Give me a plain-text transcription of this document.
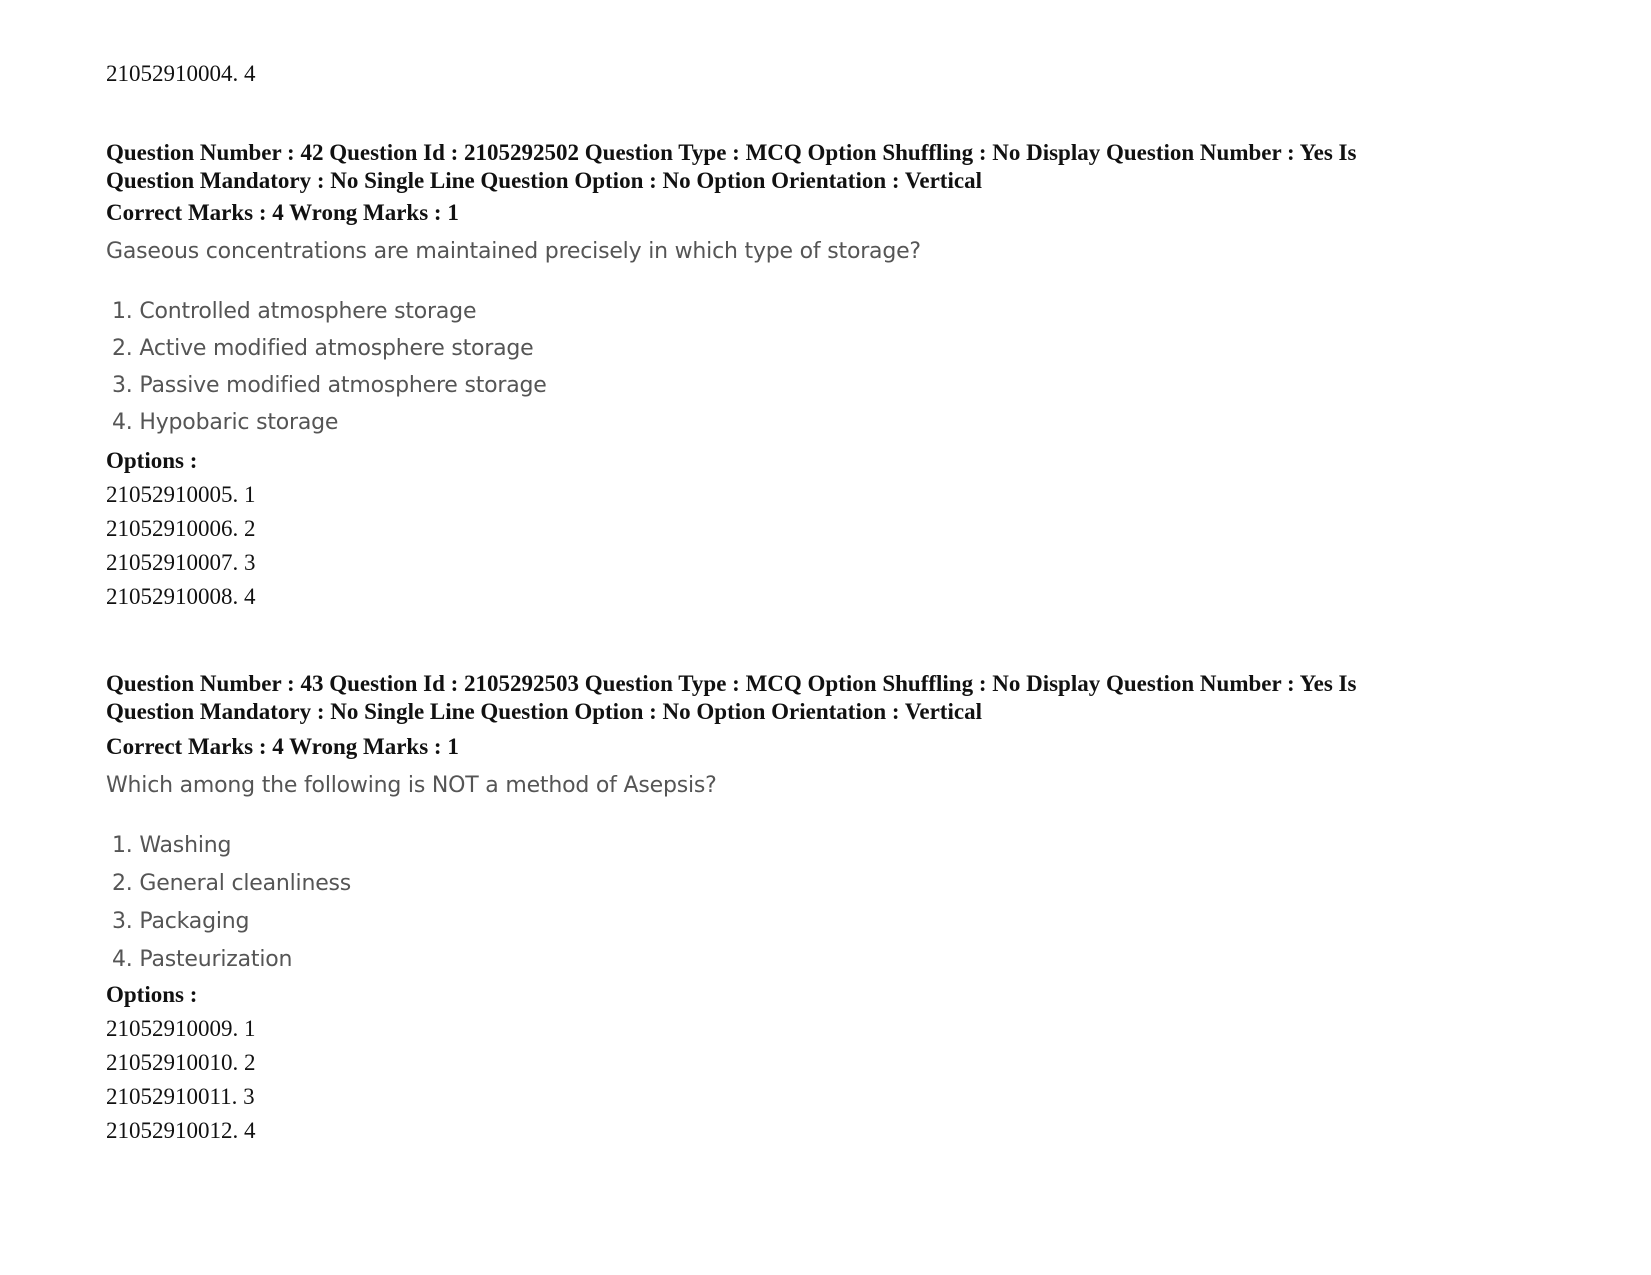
21052910004. 4
Question Number : 42 Question Id : 2105292502 Question Type : MCQ Option Shuffling : No Display Question Number : Yes Is
Question Mandatory : No Single Line Question Option : No Option Orientation : Vertical
Correct Marks : 4 Wrong Marks : 1
Gaseous concentrations are maintained precisely in which type of storage?
1. Controlled atmosphere storage
2. Active modified atmosphere storage
3. Passive modified atmosphere storage
4. Hypobaric storage
Options :
21052910005. 1
21052910006. 2
21052910007. 3
21052910008. 4
Question Number : 43 Question Id : 2105292503 Question Type : MCQ Option Shuffling : No Display Question Number : Yes Is
Question Mandatory : No Single Line Question Option : No Option Orientation : Vertical
Correct Marks : 4 Wrong Marks : 1
Which among the following is NOT a method of Asepsis?
1. Washing
2. General cleanliness
3. Packaging
4. Pasteurization
Options :
21052910009. 1
21052910010. 2
21052910011. 3
21052910012. 4
